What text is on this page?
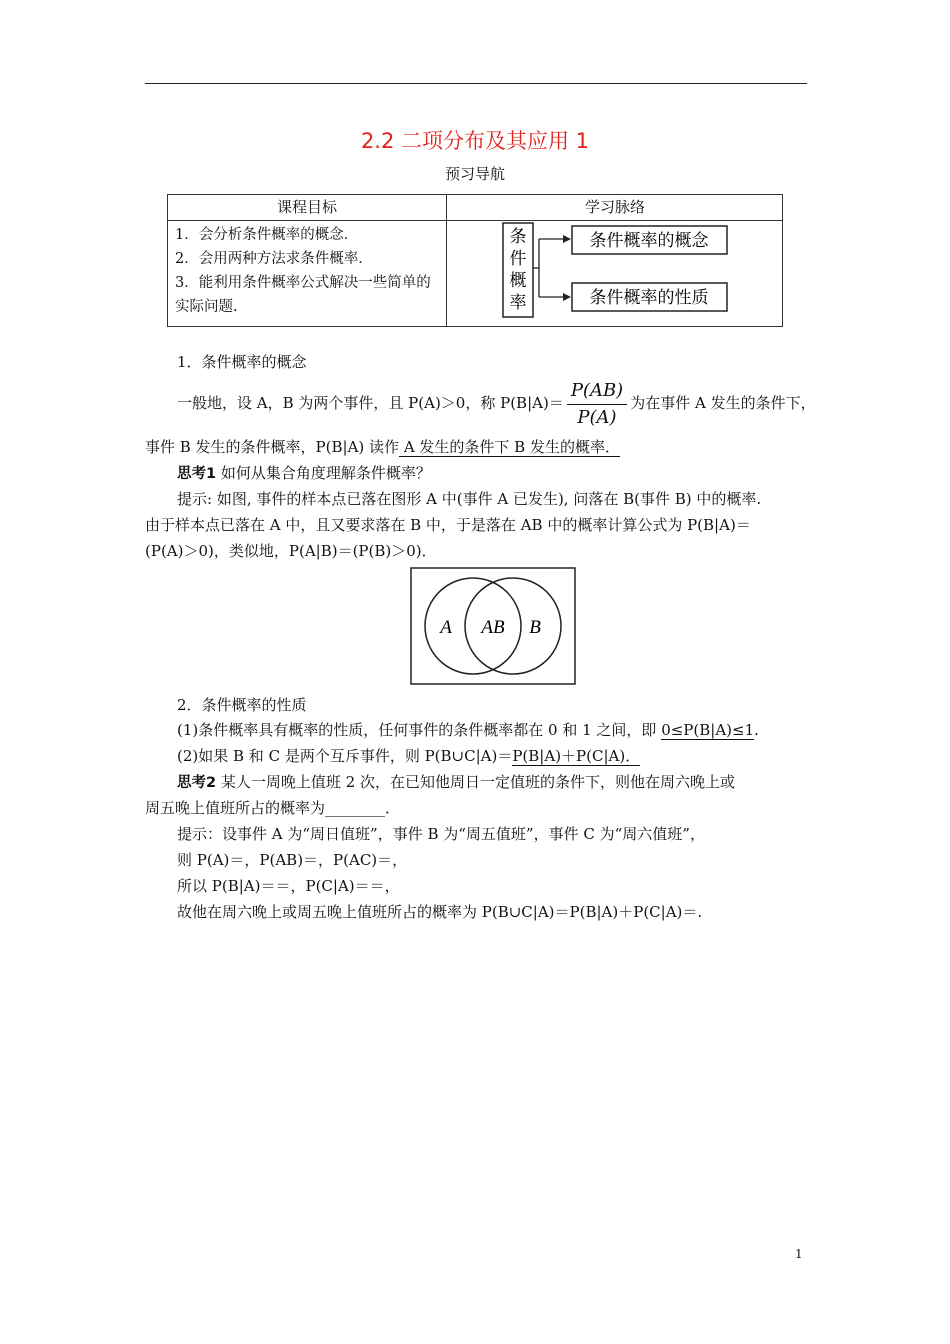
2.2 二项分布及其应用 1
预习导航
课程目标	学习脉络
1．会分析条件概率的概念．
2．会用两种方法求条件概率．
3．能利用条件概率公式解决一些简单的实际问题.
条
件
概
率
条件概率的概念
条件概率的性质
1．条件概率的概念
一般地，设 A，B 为两个事件，且 P(A)＞0，称 $P(B|A)= \frac{P(AB)}{P(A)}$ 为在事件 A 发生的条件下，
事件 B 发生的条件概率，P(B|A) 读作 A 发生的条件下 B 发生的概率．
思考1 如何从集合角度理解条件概率？
提示: 如图, 事件的样本点已落在图形 A 中(事件 A 已发生), 问落在 B(事件 B) 中的概率.
由于样本点已落在 A 中，且又要求落在 B 中，于是落在 AB 中的概率计算公式为 P(B|A)＝
(P(A)＞0)，类似地，P(A|B)＝(P(B)＞0)．
A AB B
2．条件概率的性质
(1)条件概率具有概率的性质，任何事件的条件概率都在 0 和 1 之间，即 0≤P(B|A)≤1.
(2)如果 B 和 C 是两个互斥事件，则 P(B∪C|A)＝P(B|A)＋P(C|A)．
思考2 某人一周晚上值班 2 次，在已知他周日一定值班的条件下，则他在周六晚上或
周五晚上值班所占的概率为________．
提示：设事件 A 为“周日值班”，事件 B 为“周五值班”，事件 C 为“周六值班”，
则 P(A)＝，P(AB)＝，P(AC)＝，
所以 P(B|A)＝＝，P(C|A)＝＝，
故他在周六晚上或周五晚上值班所占的概率为 P(B∪C|A)＝P(B|A)＋P(C|A)＝.
1
